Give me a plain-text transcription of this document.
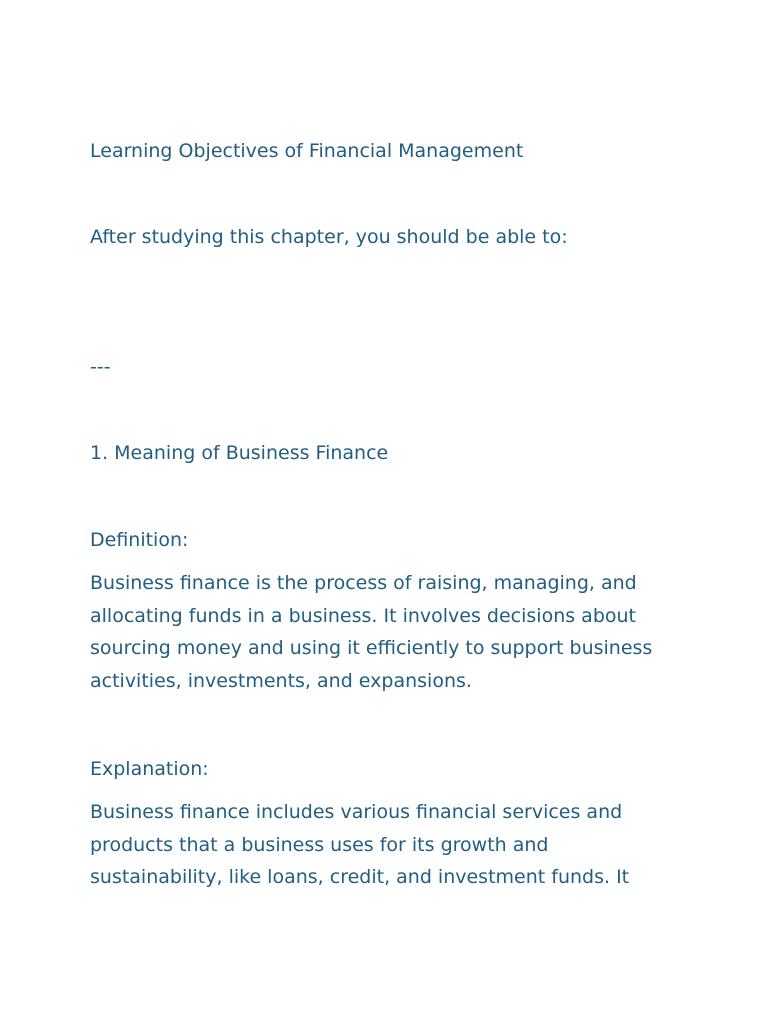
Learning Objectives of Financial Management

After studying this chapter, you should be able to:

---

1. Meaning of Business Finance

Definition:

Business finance is the process of raising, managing, and
allocating funds in a business. It involves decisions about
sourcing money and using it efficiently to support business
activities, investments, and expansions.

Explanation:

Business finance includes various financial services and
products that a business uses for its growth and
sustainability, like loans, credit, and investment funds. It
